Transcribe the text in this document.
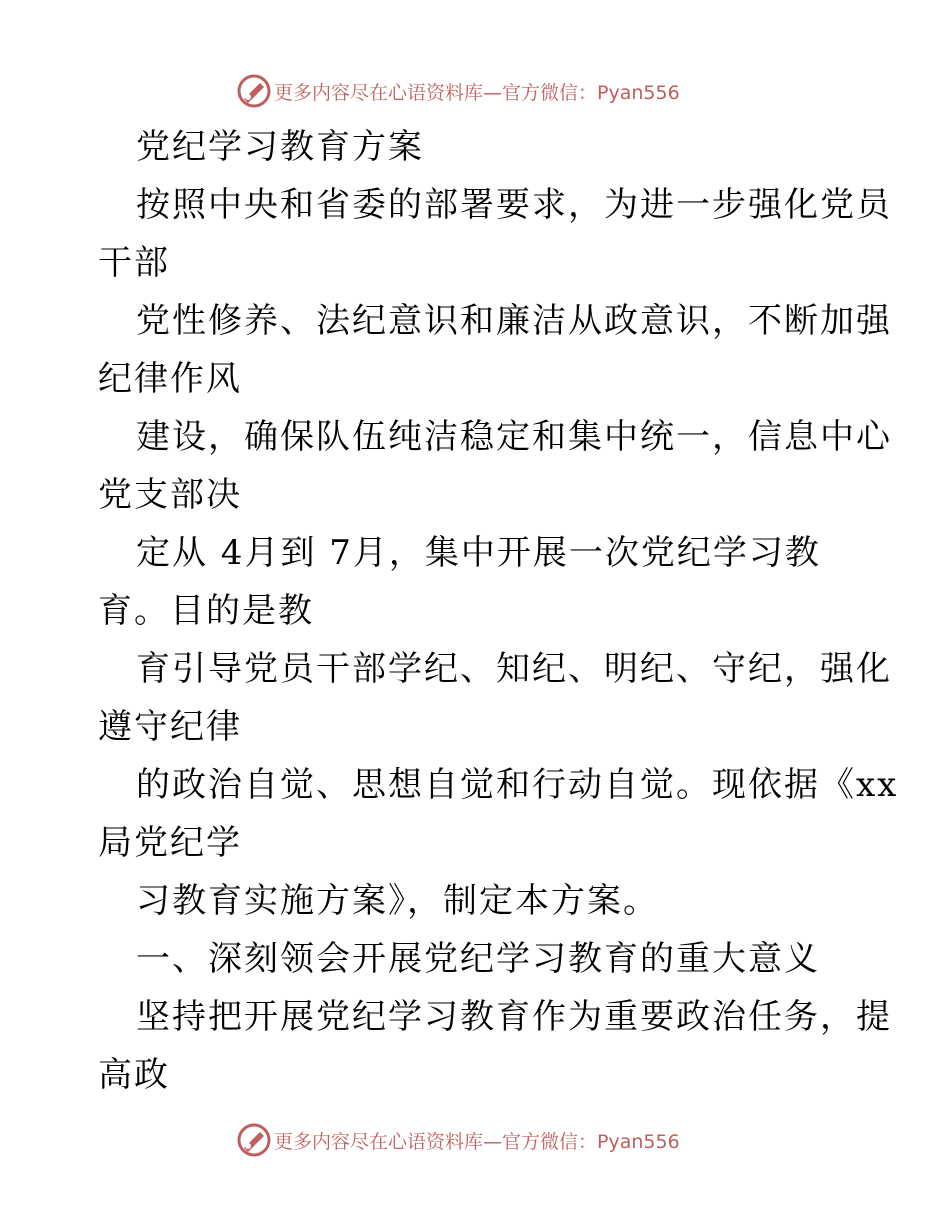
更多内容尽在心语资料库—官方微信：Pyan556
党纪学习教育方案
按照中央和省委的部署要求，为进一步强化党员
干部
党性修养、法纪意识和廉洁从政意识，不断加强
纪律作风
建设，确保队伍纯洁稳定和集中统一，信息中心
党支部决
定从 4月到 7月，集中开展一次党纪学习教
育。目的是教
育引导党员干部学纪、知纪、明纪、守纪，强化
遵守纪律
的政治自觉、思想自觉和行动自觉。现依据《xx
局党纪学
习教育实施方案》，制定本方案。
一、深刻领会开展党纪学习教育的重大意义
坚持把开展党纪学习教育作为重要政治任务，提
高政
更多内容尽在心语资料库—官方微信：Pyan556
